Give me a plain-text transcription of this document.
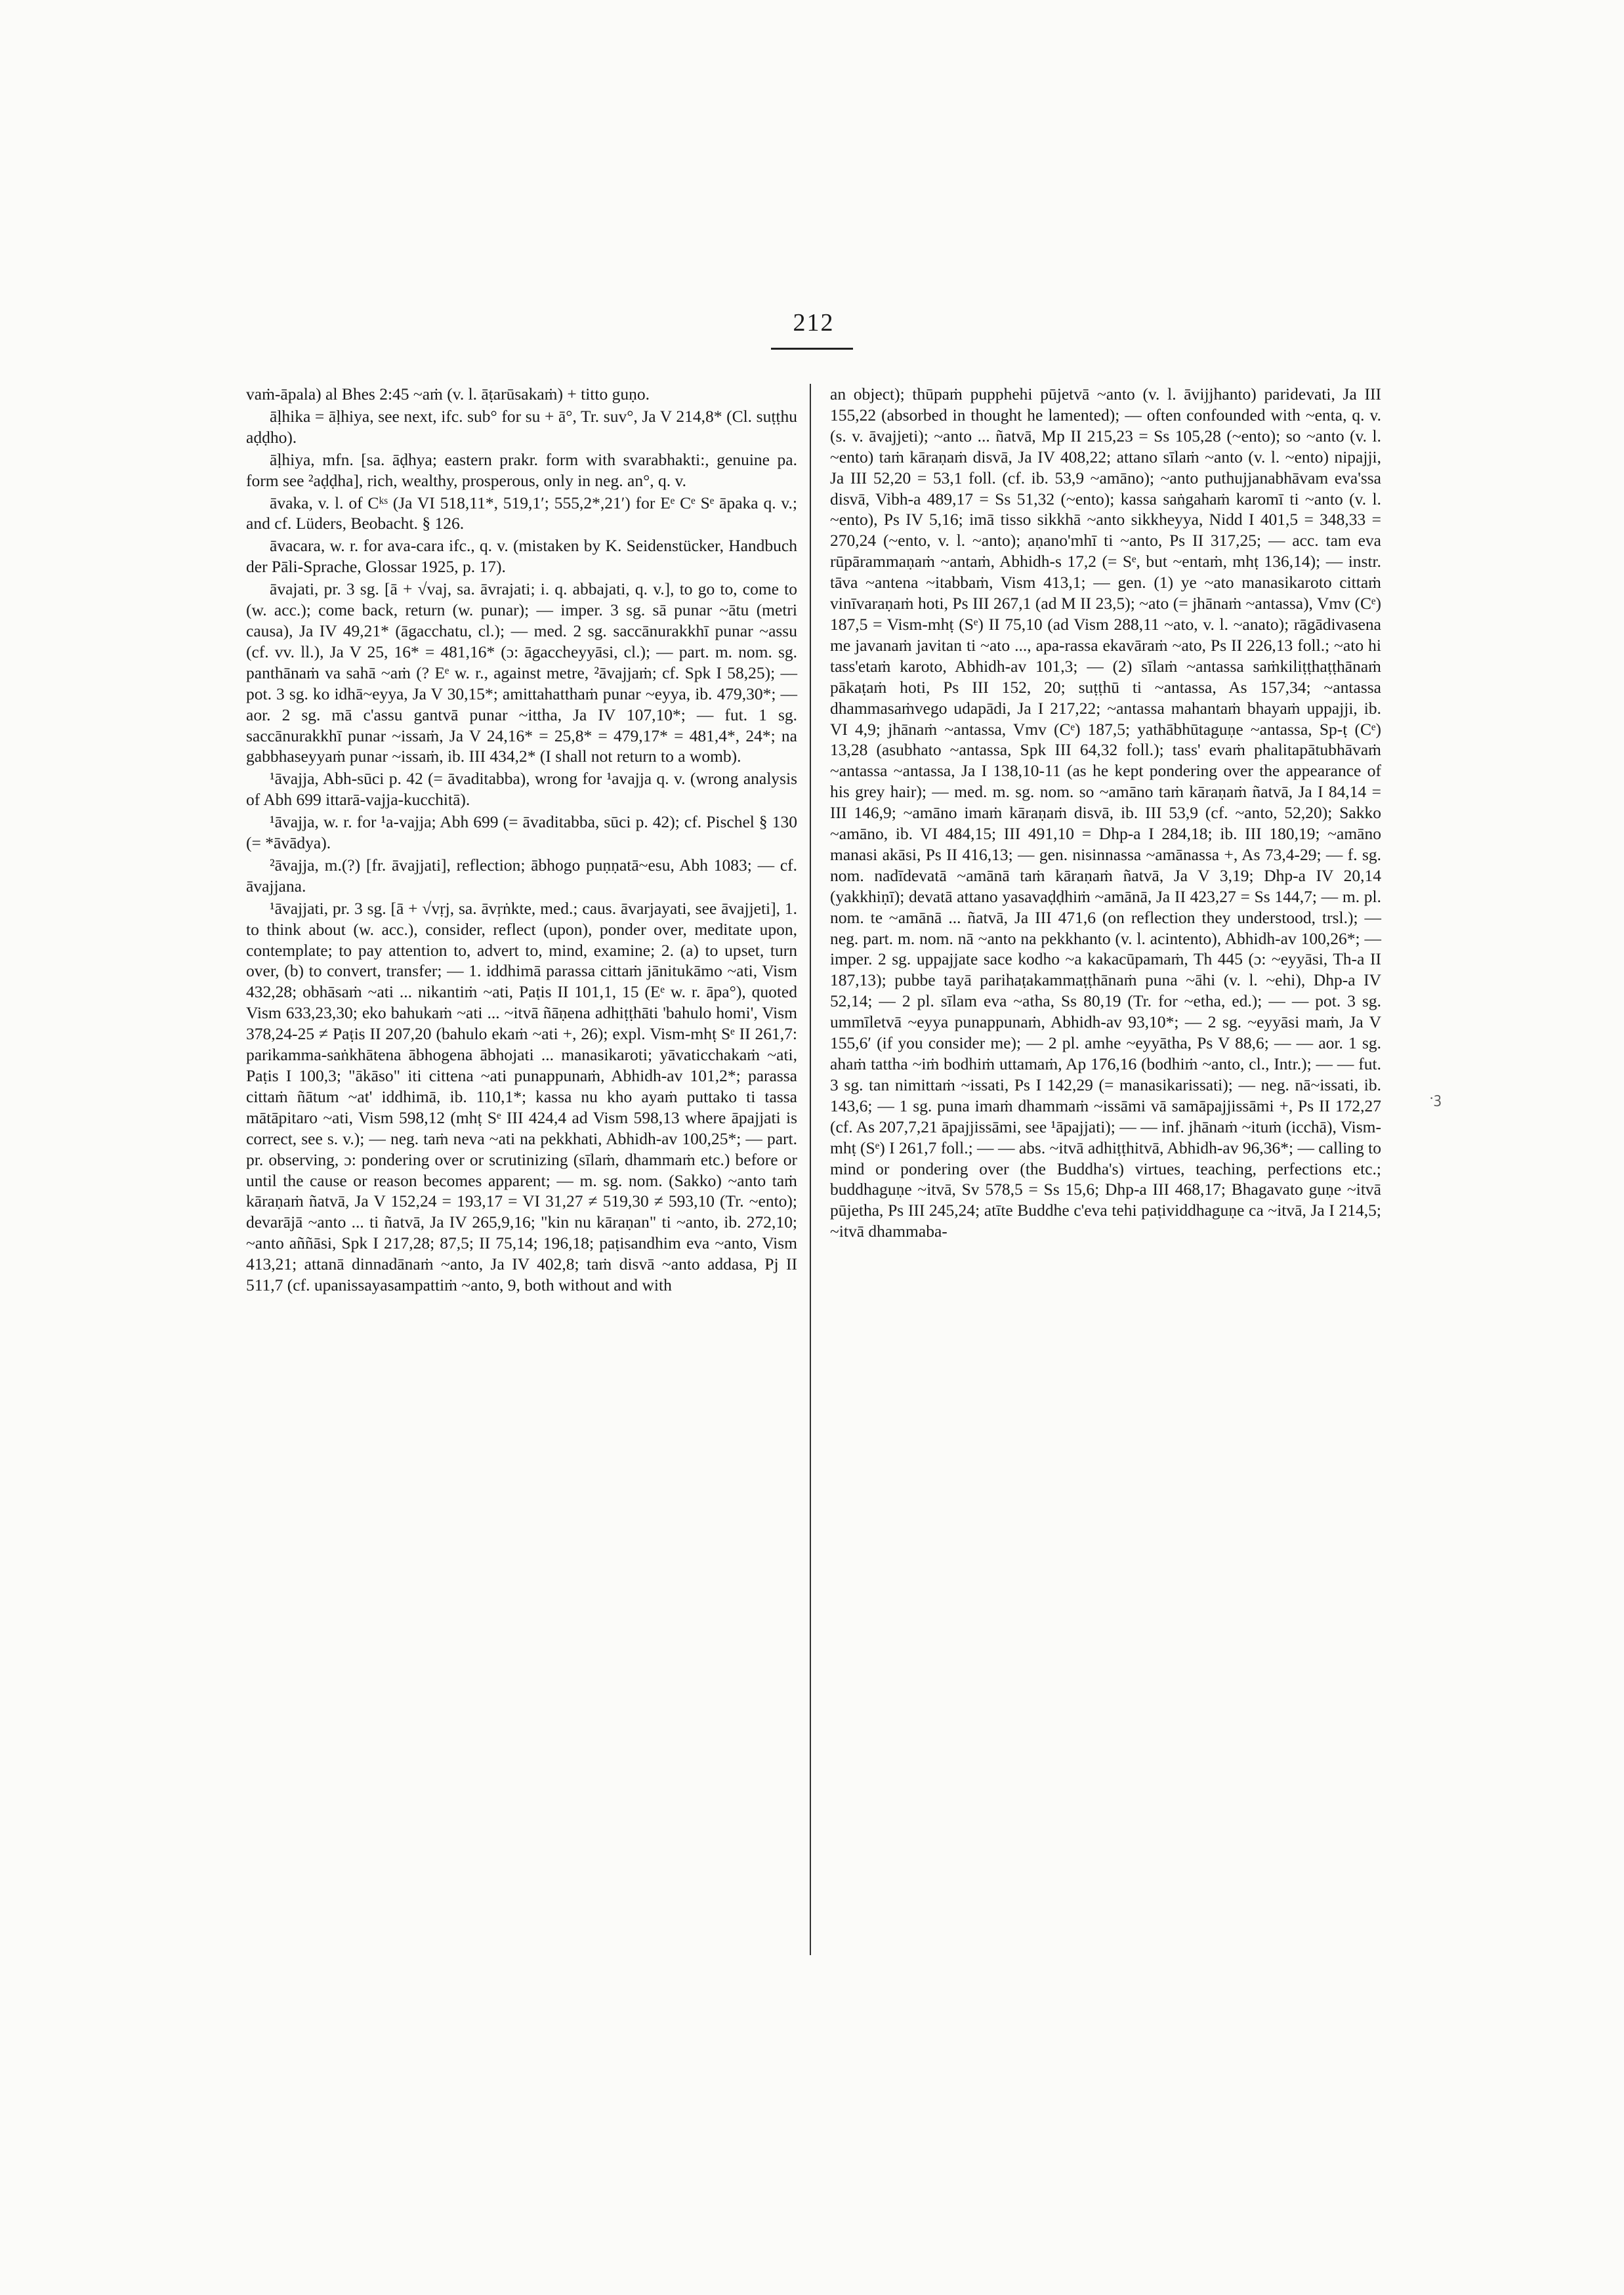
212

vaṁ-āpala) al Bhes 2:45 ~aṁ (v. l. āṭarūsakaṁ) + titto guṇo.

āḷhika = āḷhiya, see next, ifc. sub° for su + ā°, Tr. suv°, Ja V 214,8* (Cl. suṭṭhu aḍḍho).

āḷhiya, mfn. [sa. āḍhya; eastern prakr. form with svarabhakti:, genuine pa. form see ²aḍḍha], rich, wealthy, prosperous, only in neg. an°, q. v.

āvaka, v. l. of Cᵏˢ (Ja VI 518,11*, 519,1′; 555,2*,21′) for Eᵉ Cᵉ Sᵉ āpaka q. v.; and cf. Lüders, Beobacht. § 126.

āvacara, w. r. for ava-cara ifc., q. v. (mistaken by K. Seidenstücker, Handbuch der Pāli-Sprache, Glossar 1925, p. 17).

āvajati, pr. 3 sg. [ā + √vaj, sa. āvrajati; i. q. abbajati, q. v.], to go to, come to (w. acc.); come back, return (w. punar); — imper. 3 sg. sā punar ~ātu (metri causa), Ja IV 49,21* (āgacchatu, cl.); — med. 2 sg. saccānurakkhī punar ~assu (cf. vv. ll.), Ja V 25, 16* = 481,16* (ɔ: āgaccheyyāsi, cl.); — part. m. nom. sg. panthānaṁ va sahā ~aṁ (? Eᵉ w. r., against metre, ²āvajjaṁ; cf. Spk I 58,25); — pot. 3 sg. ko idhā~eyya, Ja V 30,15*; amittahatthaṁ punar ~eyya, ib. 479,30*; — aor. 2 sg. mā c'assu gantvā punar ~ittha, Ja IV 107,10*; — fut. 1 sg. saccānurakkhī punar ~issaṁ, Ja V 24,16* = 25,8* = 479,17* = 481,4*, 24*; na gabbhaseyyaṁ punar ~issaṁ, ib. III 434,2* (I shall not return to a womb).

¹āvajja, Abh-sūci p. 42 (= āvaditabba), wrong for ¹avajja q. v. (wrong analysis of Abh 699 ittarā-vajja-kucchitā).

¹āvajja, w. r. for ¹a-vajja; Abh 699 (= āvaditabba, sūci p. 42); cf. Pischel § 130 (= *āvādya).

²āvajja, m.(?) [fr. āvajjati], reflection; ābhogo puṇṇatā~esu, Abh 1083; — cf. āvajjana.

¹āvajjati, pr. 3 sg. [ā + √vṛj, sa. āvṛṅkte, med.; caus. āvarjayati, see āvajjeti], 1. to think about (w. acc.), consider, reflect (upon), ponder over, meditate upon, contemplate; to pay attention to, advert to, mind, examine; 2. (a) to upset, turn over, (b) to convert, transfer; — 1. iddhimā parassa cittaṁ jānitukāmo ~ati, Vism 432,28; obhāsaṁ ~ati ... nikantiṁ ~ati, Paṭis II 101,1, 15 (Eᵉ w. r. āpa°), quoted Vism 633,23,30; eko bahukaṁ ~ati ... ~itvā ñāṇena adhiṭṭhāti 'bahulo homi', Vism 378,24-25 ≠ Paṭis II 207,20 (bahulo ekaṁ ~ati +, 26); expl. Vism-mhṭ Sᵉ II 261,7: parikamma-saṅkhātena ābhogena ābhojati ... manasikaroti; yāvaticchakaṁ ~ati, Paṭis I 100,3; "ākāso" iti cittena ~ati punappunaṁ, Abhidh-av 101,2*; parassa cittaṁ ñātum ~at' iddhimā, ib. 110,1*; kassa nu kho ayaṁ puttako ti tassa mātāpitaro ~ati, Vism 598,12 (mhṭ Sᵉ III 424,4 ad Vism 598,13 where āpajjati is correct, see s. v.); — neg. taṁ neva ~ati na pekkhati, Abhidh-av 100,25*; — part. pr. observing, ɔ: pondering over or scrutinizing (sīlaṁ, dhammaṁ etc.) before or until the cause or reason becomes apparent; — m. sg. nom. (Sakko) ~anto taṁ kāraṇaṁ ñatvā, Ja V 152,24 = 193,17 = VI 31,27 ≠ 519,30 ≠ 593,10 (Tr. ~ento); devarājā ~anto ... ti ñatvā, Ja IV 265,9,16; "kin nu kāraṇan" ti ~anto, ib. 272,10; ~anto aññāsi, Spk I 217,28; 87,5; II 75,14; 196,18; paṭisandhim eva ~anto, Vism 413,21; attanā dinnadānaṁ ~anto, Ja IV 402,8; taṁ disvā ~anto addasa, Pj II 511,7 (cf. upanissayasampattiṁ ~anto, 9, both without and with

an object); thūpaṁ pupphehi pūjetvā ~anto (v. l. āvijjhanto) paridevati, Ja III 155,22 (absorbed in thought he lamented); — often confounded with ~enta, q. v. (s. v. āvajjeti); ~anto ... ñatvā, Mp II 215,23 = Ss 105,28 (~ento); so ~anto (v. l. ~ento) taṁ kāraṇaṁ disvā, Ja IV 408,22; attano sīlaṁ ~anto (v. l. ~ento) nipajji, Ja III 52,20 = 53,1 foll. (cf. ib. 53,9 ~amāno); ~anto puthujjanabhāvam eva'ssa disvā, Vibh-a 489,17 = Ss 51,32 (~ento); kassa saṅgahaṁ karomī ti ~anto (v. l. ~ento), Ps IV 5,16; imā tisso sikkhā ~anto sikkheyya, Nidd I 401,5 = 348,33 = 270,24 (~ento, v. l. ~anto); aṇano'mhī ti ~anto, Ps II 317,25; — acc. tam eva rūpārammaṇaṁ ~antaṁ, Abhidh-s 17,2 (= Sᵉ, but ~entaṁ, mhṭ 136,14); — instr. tāva ~antena ~itabbaṁ, Vism 413,1; — gen. (1) ye ~ato manasikaroto cittaṁ vinīvaraṇaṁ hoti, Ps III 267,1 (ad M II 23,5); ~ato (= jhānaṁ ~antassa), Vmv (Cᵉ) 187,5 = Vism-mhṭ (Sᵉ) II 75,10 (ad Vism 288,11 ~ato, v. l. ~anato); rāgādivasena me javanaṁ javitan ti ~ato ..., apa-rassa ekavāraṁ ~ato, Ps II 226,13 foll.; ~ato hi tass'etaṁ karoto, Abhidh-av 101,3; — (2) sīlaṁ ~antassa saṁkiliṭṭhaṭṭhānaṁ pākaṭaṁ hoti, Ps III 152, 20; suṭṭhū ti ~antassa, As 157,34; ~antassa dhammasaṁvego udapādi, Ja I 217,22; ~antassa mahantaṁ bhayaṁ uppajji, ib. VI 4,9; jhānaṁ ~antassa, Vmv (Cᵉ) 187,5; yathābhūtaguṇe ~antassa, Sp-ṭ (Cᵉ) 13,28 (asubhato ~antassa, Spk III 64,32 foll.); tass' evaṁ phalitapātubhāvaṁ ~antassa ~antassa, Ja I 138,10-11 (as he kept pondering over the appearance of his grey hair); — med. m. sg. nom. so ~amāno taṁ kāraṇaṁ ñatvā, Ja I 84,14 = III 146,9; ~amāno imaṁ kāraṇaṁ disvā, ib. III 53,9 (cf. ~anto, 52,20); Sakko ~amāno, ib. VI 484,15; III 491,10 = Dhp-a I 284,18; ib. III 180,19; ~amāno manasi akāsi, Ps II 416,13; — gen. nisinnassa ~amānassa +, As 73,4-29; — f. sg. nom. nadīdevatā ~amānā taṁ kāraṇaṁ ñatvā, Ja V 3,19; Dhp-a IV 20,14 (yakkhiṇī); devatā attano yasavaḍḍhiṁ ~amānā, Ja II 423,27 = Ss 144,7; — m. pl. nom. te ~amānā ... ñatvā, Ja III 471,6 (on reflection they understood, trsl.); — neg. part. m. nom. nā ~anto na pekkhanto (v. l. acintento), Abhidh-av 100,26*; — imper. 2 sg. uppajjate sace kodho ~a kakacūpamaṁ, Th 445 (ɔ: ~eyyāsi, Th-a II 187,13); pubbe tayā parihaṭakammaṭṭhānaṁ puna ~āhi (v. l. ~ehi), Dhp-a IV 52,14; — 2 pl. sīlam eva ~atha, Ss 80,19 (Tr. for ~etha, ed.); — — pot. 3 sg. ummīletvā ~eyya punappunaṁ, Abhidh-av 93,10*; — 2 sg. ~eyyāsi maṁ, Ja V 155,6′ (if you consider me); — 2 pl. amhe ~eyyātha, Ps V 88,6; — — aor. 1 sg. ahaṁ tattha ~iṁ bodhiṁ uttamaṁ, Ap 176,16 (bodhiṁ ~anto, cl., Intr.); — — fut. 3 sg. tan nimittaṁ ~issati, Ps I 142,29 (= manasikarissati); — neg. nā~issati, ib. 143,6; — 1 sg. puna imaṁ dhammaṁ ~issāmi vā samāpajjissāmi +, Ps II 172,27 (cf. As 207,7,21 āpajjissāmi, see ¹āpajjati); — — inf. jhānaṁ ~ituṁ (icchā), Vism-mhṭ (Sᵉ) I 261,7 foll.; — — abs. ~itvā adhiṭṭhitvā, Abhidh-av 96,36*; — calling to mind or pondering over (the Buddha's) virtues, teaching, perfections etc.; buddhaguṇe ~itvā, Sv 578,5 = Ss 15,6; Dhp-a III 468,17; Bhagavato guṇe ~itvā pūjetha, Ps III 245,24; atīte Buddhe c'eva tehi paṭividdhaguṇe ca ~itvā, Ja I 214,5; ~itvā dhammaba-

·ꝫ
